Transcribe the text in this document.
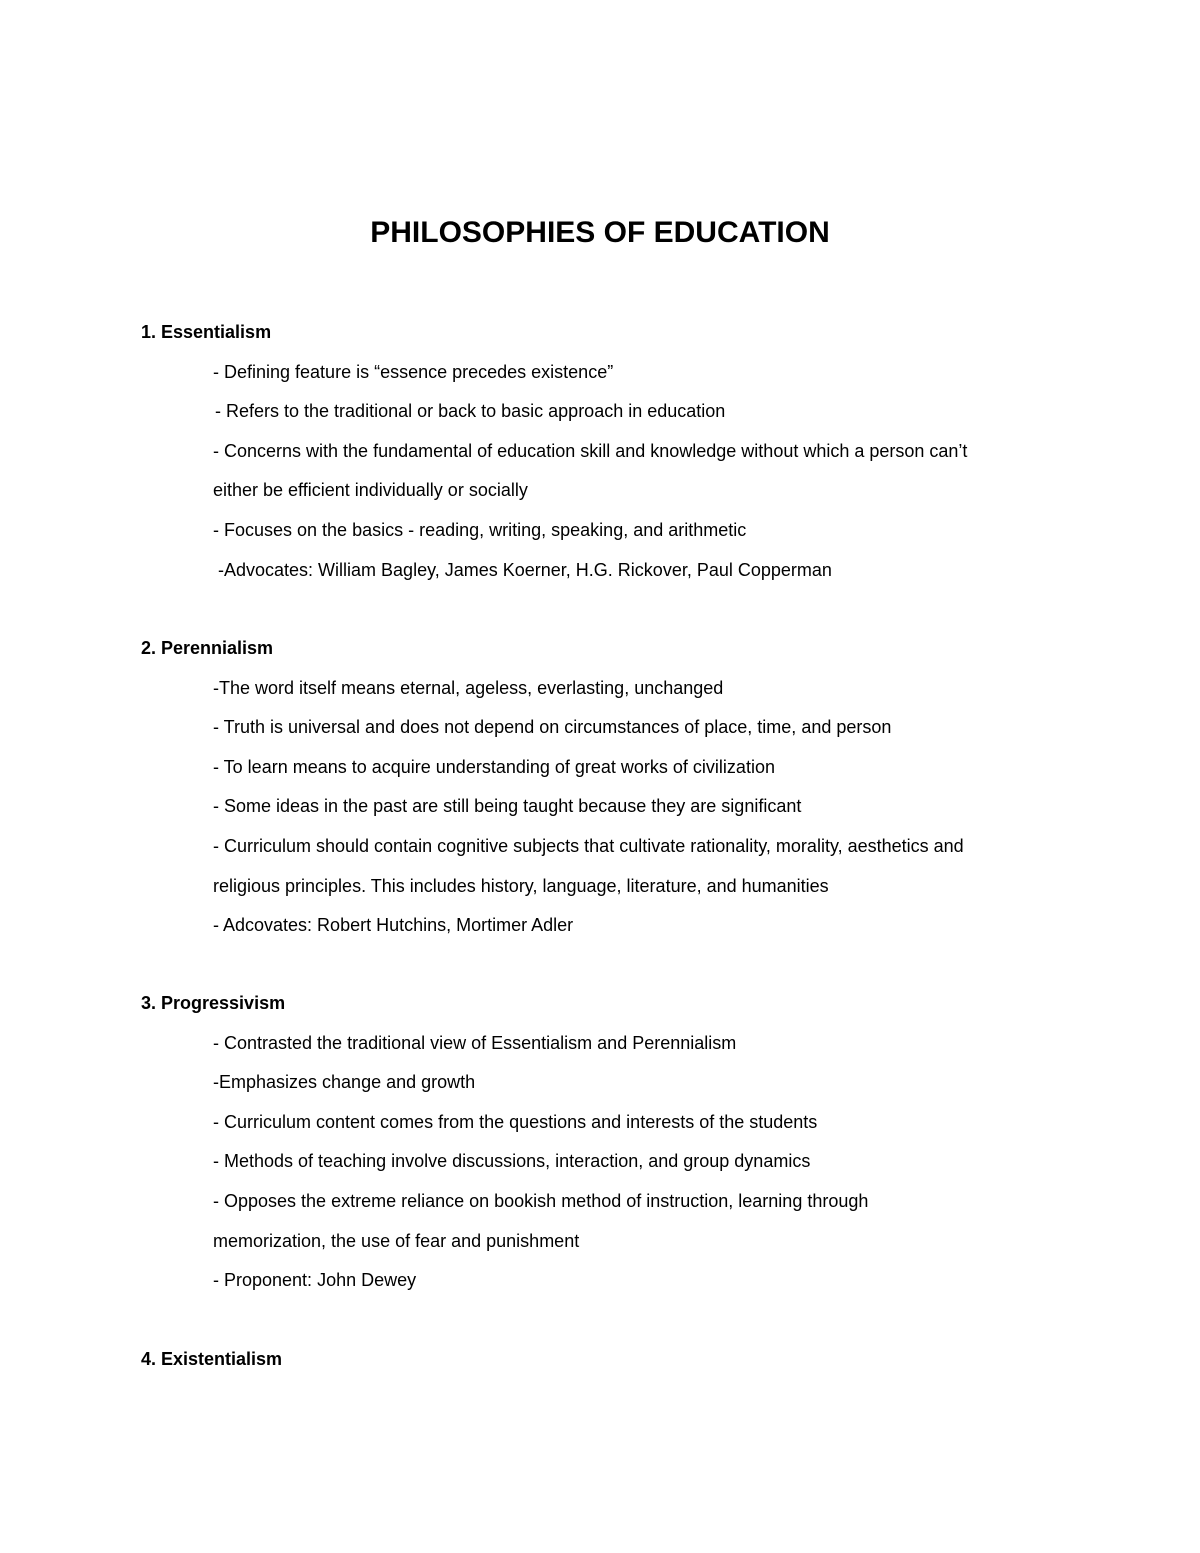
PHILOSOPHIES OF EDUCATION

1. Essentialism

- Defining feature is “essence precedes existence”
- Refers to the traditional or back to basic approach in education
- Concerns with the fundamental of education skill and knowledge without which a person can’t
either be efficient individually or socially
- Focuses on the basics - reading, writing, speaking, and arithmetic
-Advocates: William Bagley, James Koerner, H.G. Rickover, Paul Copperman

2. Perennialism

-The word itself means eternal, ageless, everlasting, unchanged
- Truth is universal and does not depend on circumstances of place, time, and person
- To learn means to acquire understanding of great works of civilization
- Some ideas in the past are still being taught because they are significant
- Curriculum should contain cognitive subjects that cultivate rationality, morality, aesthetics and
religious principles. This includes history, language, literature, and humanities
- Adcovates: Robert Hutchins, Mortimer Adler

3. Progressivism

- Contrasted the traditional view of Essentialism and Perennialism
-Emphasizes change and growth
- Curriculum content comes from the questions and interests of the students
- Methods of teaching involve discussions, interaction, and group dynamics
- Opposes the extreme reliance on bookish method of instruction, learning through
memorization, the use of fear and punishment
- Proponent: John Dewey

4. Existentialism
